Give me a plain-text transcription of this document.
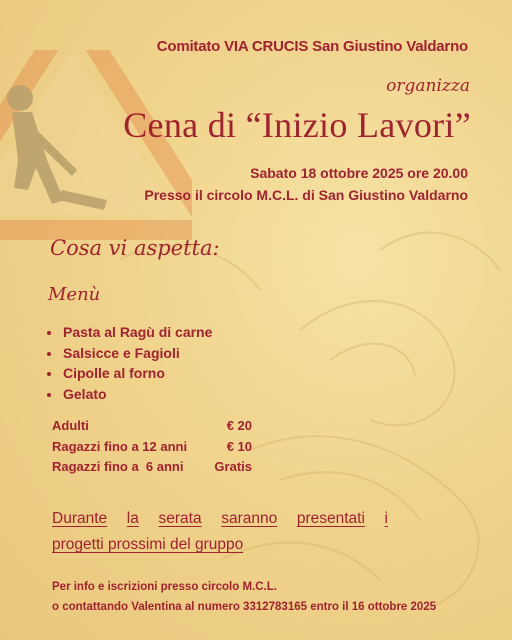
Comitato VIA CRUCIS San Giustino Valdarno
organizza
Cena di “Inizio Lavori”
Sabato 18 ottobre 2025 ore 20.00
Presso il circolo M.C.L. di San Giustino Valdarno
Cosa vi aspetta:
Menù
• Pasta al Ragù di carne
• Salsicce e Fagioli
• Cipolle al forno
• Gelato
Adulti	€ 20
Ragazzi fino a 12 anni	€ 10
Ragazzi fino a  6 anni Gratis
Durante la serata saranno presentati i
progetti prossimi del gruppo
Per info e iscrizioni presso circolo M.C.L.
o contattando Valentina al numero 3312783165 entro il 16 ottobre 2025
